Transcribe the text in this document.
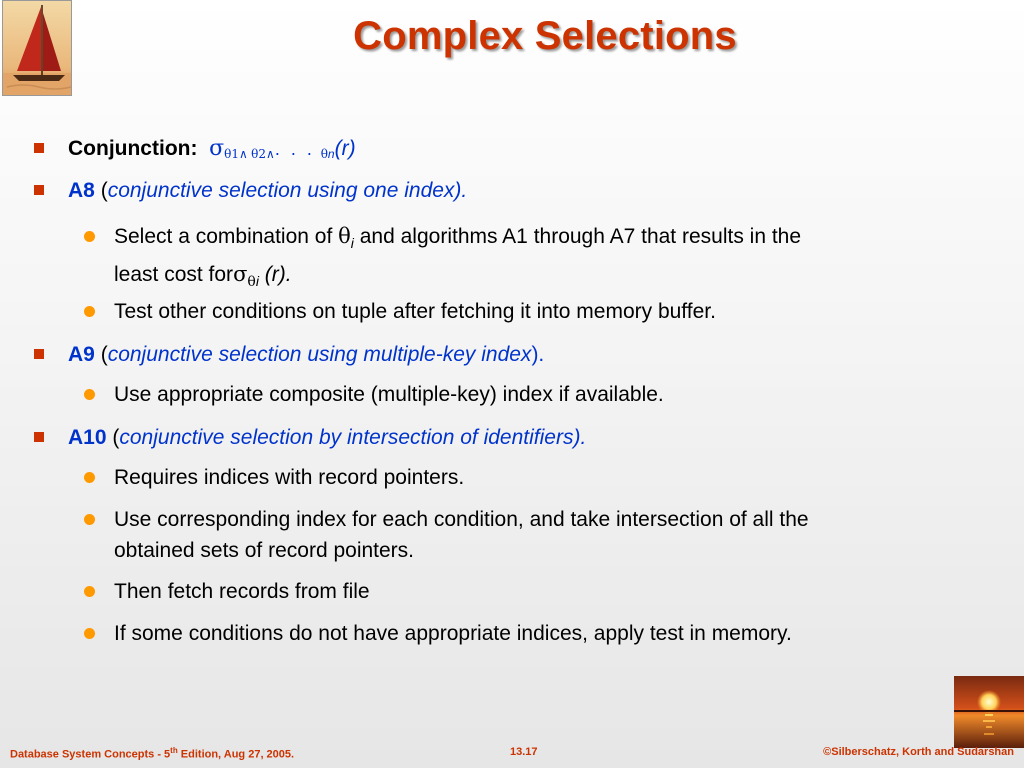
Complex Selections
Conjunction: $\sigma_{\theta 1\wedge \theta 2\wedge}$. . . $_{\theta n}$(r)
A8 (conjunctive selection using one index).
Select a combination of $\theta_i$ and algorithms A1 through A7 that results in the
least cost forσ$_{\theta i}$ (r).
Test other conditions on tuple after fetching it into memory buffer.
A9 (conjunctive selection using multiple-key index).
Use appropriate composite (multiple-key) index if available.
A10 (conjunctive selection by intersection of identifiers).
Requires indices with record pointers.
Use corresponding index for each condition, and take intersection of all the
obtained sets of record pointers.
Then fetch records from file
If some conditions do not have appropriate indices, apply test in memory.
Database System Concepts - 5th Edition, Aug 27, 2005.	13.17	©Silberschatz, Korth and Sudarshan
